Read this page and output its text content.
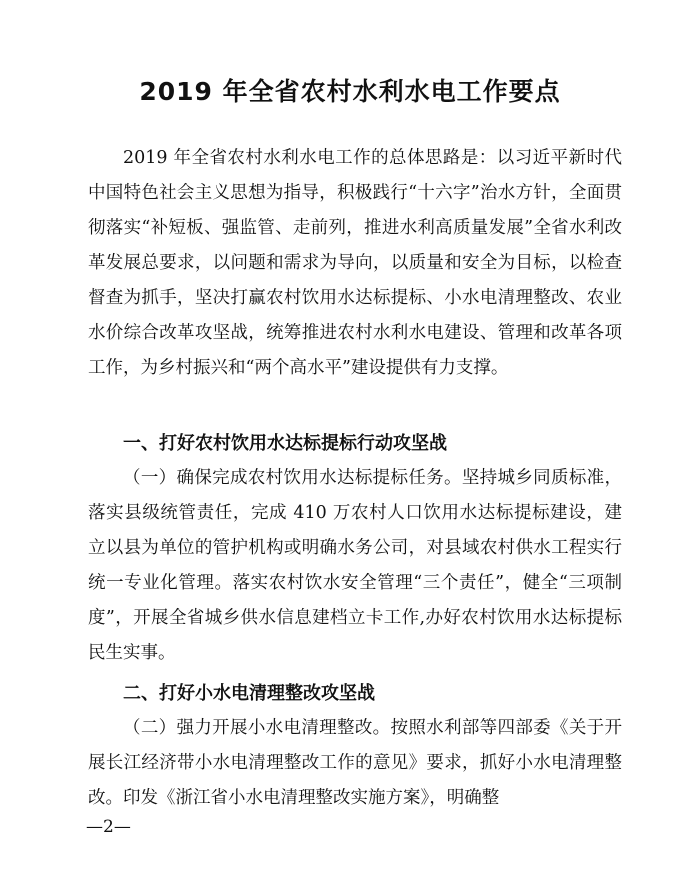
2019 年全省农村水利水电工作要点

2019 年全省农村水利水电工作的总体思路是：以习近平新时代中国特色社会主义思想为指导，积极践行“十六字”治水方针，全面贯彻落实“补短板、强监管、走前列，推进水利高质量发展”全省水利改革发展总要求，以问题和需求为导向，以质量和安全为目标，以检查督查为抓手，坚决打赢农村饮用水达标提标、小水电清理整改、农业水价综合改革攻坚战，统筹推进农村水利水电建设、管理和改革各项工作，为乡村振兴和“两个高水平”建设提供有力支撑。

一、打好农村饮用水达标提标行动攻坚战

（一）确保完成农村饮用水达标提标任务。坚持城乡同质标准，落实县级统管责任，完成 410 万农村人口饮用水达标提标建设，建立以县为单位的管护机构或明确水务公司，对县域农村供水工程实行统一专业化管理。落实农村饮水安全管理“三个责任”，健全“三项制度”，开展全省城乡供水信息建档立卡工作,办好农村饮用水达标提标民生实事。

二、打好小水电清理整改攻坚战

（二）强力开展小水电清理整改。按照水利部等四部委《关于开展长江经济带小水电清理整改工作的意见》要求，抓好小水电清理整改。印发《浙江省小水电清理整改实施方案》，明确整

—2—
